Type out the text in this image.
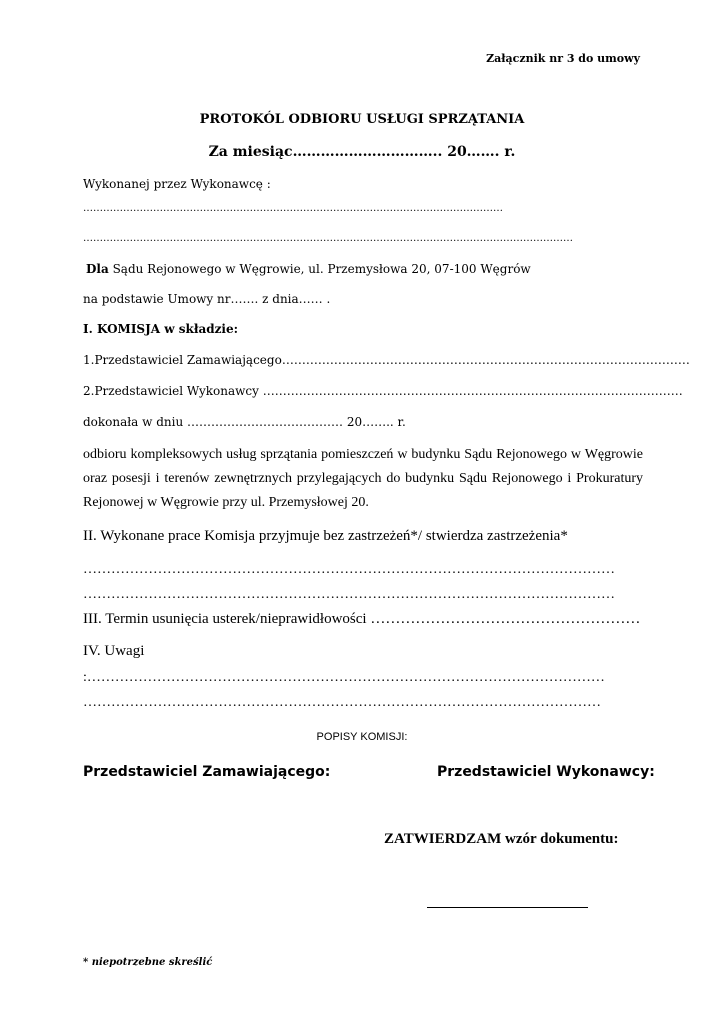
Załącznik nr 3 do umowy
PROTOKÓL ODBIORU USŁUGI SPRZĄTANIA
Za miesiąc………………………….. 20……. r.
Wykonanej przez Wykonawcę :
………………………………………………………………………………………………………………
…………………………………………………………………………………………………………………………………
Dla Sądu Rejonowego w Węgrowie, ul. Przemysłowa 20, 07-100 Węgrów
na podstawie Umowy nr……. z dnia…… .
I. KOMISJA w składzie:
1.Przedstawiciel Zamawiającego…………………………………………………………………………………………
2.Przedstawiciel Wykonawcy ……………………………………………………………………………………………
dokonała w dniu ………………………………… 20…….. r.
odbioru kompleksowych usług sprzątania pomieszczeń w budynku Sądu Rejonowego w Węgrowie oraz posesji i terenów zewnętrznych przylegających do budynku Sądu Rejonowego i Prokuratury Rejonowej w Węgrowie przy ul. Przemysłowej 20.
II. Wykonane prace Komisja przyjmuje bez zastrzeżeń*/ stwierdza zastrzeżenia*
……………………………………………………………………………………………………
……………………………………………………………………………………………………
III. Termin usunięcia usterek/nieprawidłowości ………………………………………………
IV. Uwagi
:…………………………………………………………………………………………………
…………………………………………………………………………………………………
POPISY KOMISJI:
Przedstawiciel Zamawiającego:	Przedstawiciel Wykonawcy:
ZATWIERDZAM wzór dokumentu:
* niepotrzebne skreślić
